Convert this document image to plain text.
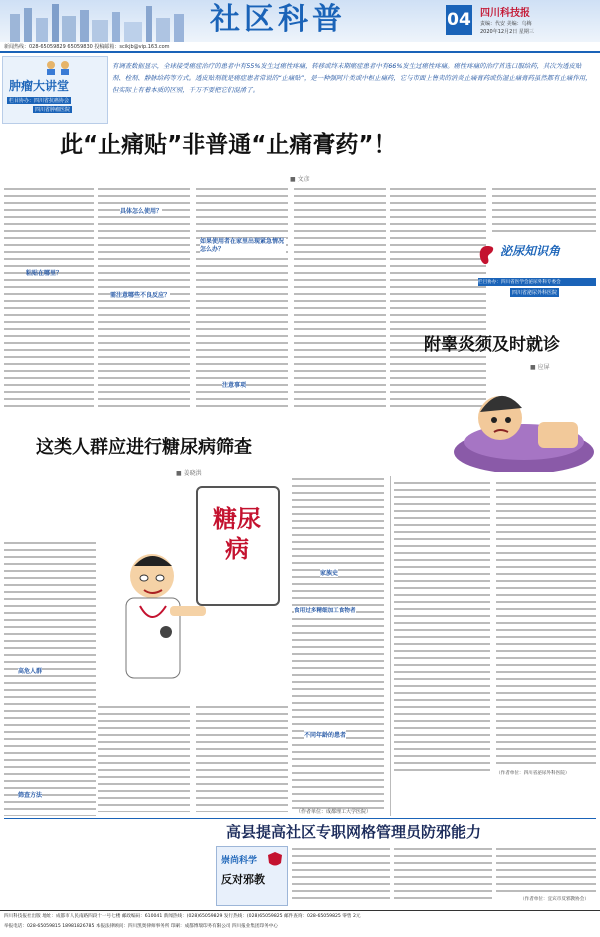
社区科普	04 四川科技报
责编：代安 美编：乌梅
2020年12月2日 星期三
新闻热线：028-65059829 65059830 投稿邮箱：scikjb@vip.163.com
肿瘤大讲堂
栏目协办：四川省抗癌协会
四川省肿瘤医院
有调查数据显示，全球接受癌症治疗的患者中有55%发生过癌性疼痛，转移或终末期癌症患者中有66%发生过癌性疼痛。癌性疼痛的治疗首选口服给药，其次为透皮贴剂、栓剂、静脉给药等方式。透皮贴剂就是癌症患者常说的“止痛贴”，是一种强阿片类或中枢止痛药，它与市面上售卖的消炎止痛膏药或伤湿止痛膏药虽然都有止痛作用，但实际上有着本质的区别，千万不要把它们混淆了。
此“止痛贴”非普通“止痛膏药”！
■ 文彦
粘贴在哪里？
具体怎么使用？
需注意哪些不良反应？
如果使用者在家里出现紧急情况怎么办？
注意事项
泌尿知识角
栏目协办：四川省医学会泌尿外科专委会
四川省泌尿外科医院
附睾炎须及时就诊
■ 应屏
（作者单位：四川省泌尿外科医院）
这类人群应进行糖尿病筛查
■ 姜晓洪
糖尿病
高危人群
筛查方法
食用过多精细加工食物者
家族史
不同年龄的患者
（作者单位：成都理工大学医院）
高县提高社区专职网格管理员防邪能力
崇尚科学
反对邪教
（作者单位：宜宾市反邪教协会）
四川科技报社出版 地址：成都市人民南路四段十一号七楼 邮政编码：610041 新闻热线：(028)65059829 发行热线：(028)65059825 邮件查询：028-65059825 零售 2元
举报电话：028-65059815 18981826785 本报法律顾问：四川凯奥律师事务所 印刷：成都博瑞印务有限公司 四川报业集团印务中心
